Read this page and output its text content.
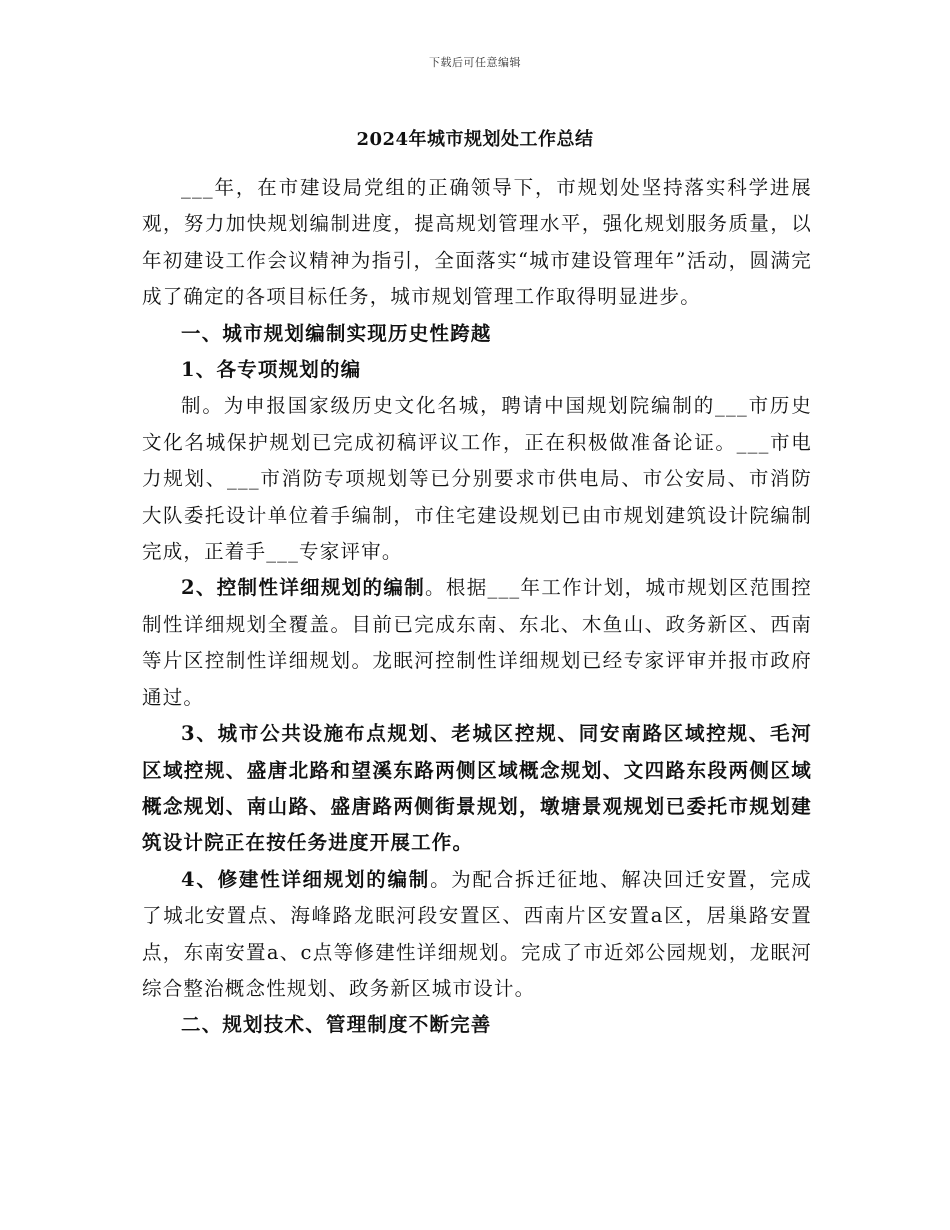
下载后可任意编辑
2024年城市规划处工作总结

___年，在市建设局党组的正确领导下，市规划处坚持落实科学进展观，努力加快规划编制进度，提高规划管理水平，强化规划服务质量，以年初建设工作会议精神为指引，全面落实“城市建设管理年”活动，圆满完成了确定的各项目标任务，城市规划管理工作取得明显进步。

一、城市规划编制实现历史性跨越

1、各专项规划的编

制。为申报国家级历史文化名城，聘请中国规划院编制的___市历史文化名城保护规划已完成初稿评议工作，正在积极做准备论证。___市电力规划、___市消防专项规划等已分别要求市供电局、市公安局、市消防大队委托设计单位着手编制，市住宅建设规划已由市规划建筑设计院编制完成，正着手___专家评审。

2、控制性详细规划的编制。根据___年工作计划，城市规划区范围控制性详细规划全覆盖。目前已完成东南、东北、木鱼山、政务新区、西南等片区控制性详细规划。龙眠河控制性详细规划已经专家评审并报市政府通过。

3、城市公共设施布点规划、老城区控规、同安南路区域控规、毛河区域控规、盛唐北路和望溪东路两侧区域概念规划、文四路东段两侧区域概念规划、南山路、盛唐路两侧街景规划，墩塘景观规划已委托市规划建筑设计院正在按任务进度开展工作。

4、修建性详细规划的编制。为配合拆迁征地、解决回迁安置，完成了城北安置点、海峰路龙眠河段安置区、西南片区安置a区，居巢路安置点，东南安置a、c点等修建性详细规划。完成了市近郊公园规划，龙眠河综合整治概念性规划、政务新区城市设计。

二、规划技术、管理制度不断完善
